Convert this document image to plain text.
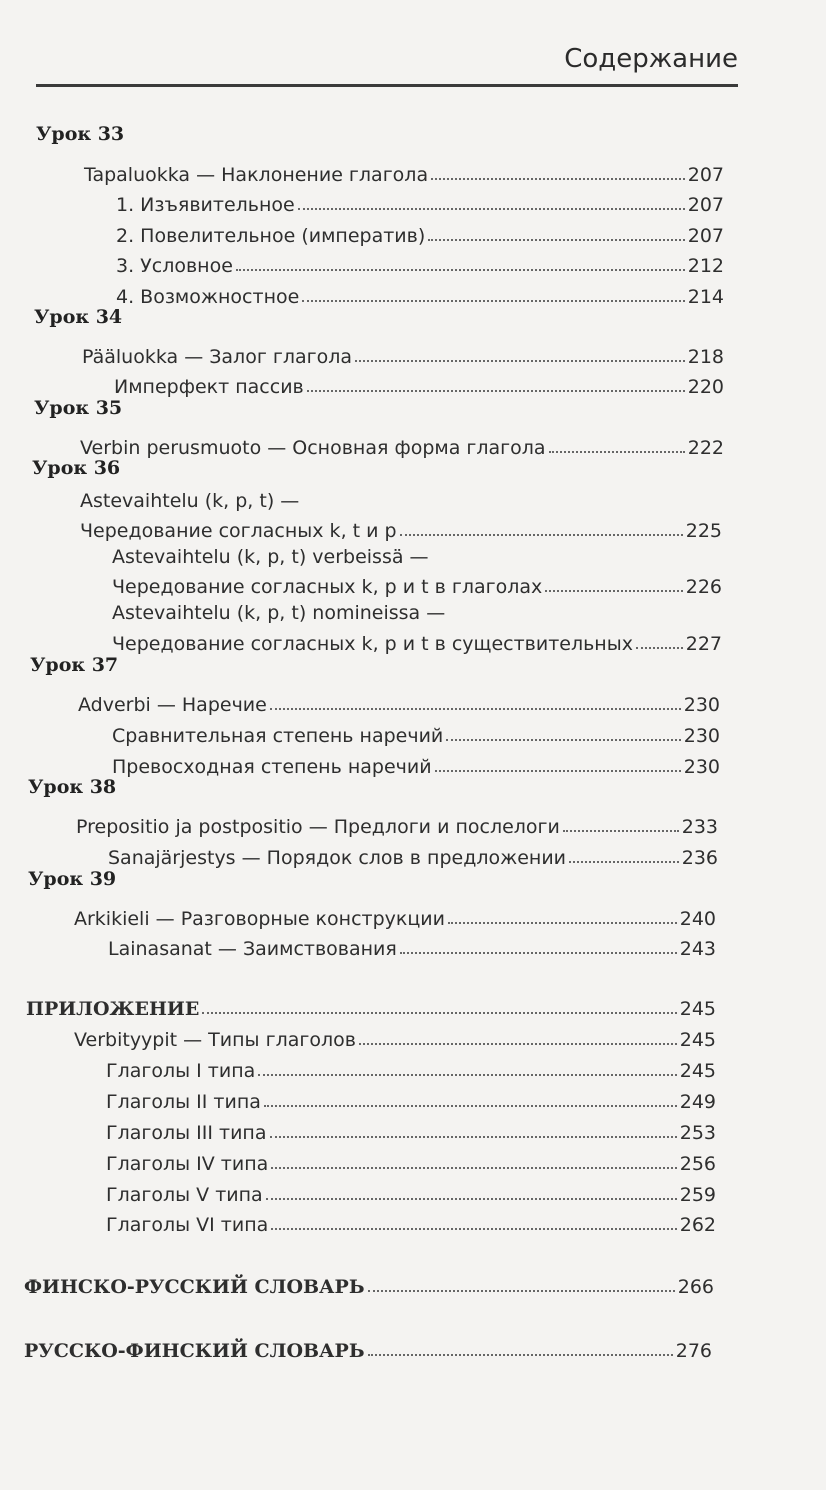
Содержание
Урок 33
Tapaluokka — Наклонение глагола	207
1. Изъявительное	207
2. Повелительное (императив)	207
3. Условное	212
4. Возможностное	214
Урок 34
Pääluokka — Залог глагола	218
Имперфект пассив	220
Урок 35
Verbin perusmuoto — Основная форма глагола	222
Урок 36
Astevaihtelu (k, p, t) —
Чередование согласных k, t и p	225
Astevaihtelu (k, p, t) verbeissä —
Чередование согласных k, р и t в глаголах	226
Astevaihtelu (k, p, t) nomineissa —
Чередование согласных k, р и t в существительных	227
Урок 37
Adverbi — Наречие	230
Сравнительная степень наречий	230
Превосходная степень наречий	230
Урок 38
Prepositio ja postpositio — Предлоги и послелоги	233
Sanajärjestys — Порядок слов в предложении	236
Урок 39
Arkikieli — Разговорные конструкции	240
Lainasanat — Заимствования	243
ПРИЛОЖЕНИЕ	245
Verbityypit — Типы глаголов	245
Глаголы I типа	245
Глаголы II типа	249
Глаголы III типа	253
Глаголы IV типа	256
Глаголы V типа	259
Глаголы VI типа	262
ФИНСКО-РУССКИЙ СЛОВАРЬ	266
РУССКО-ФИНСКИЙ СЛОВАРЬ	276
